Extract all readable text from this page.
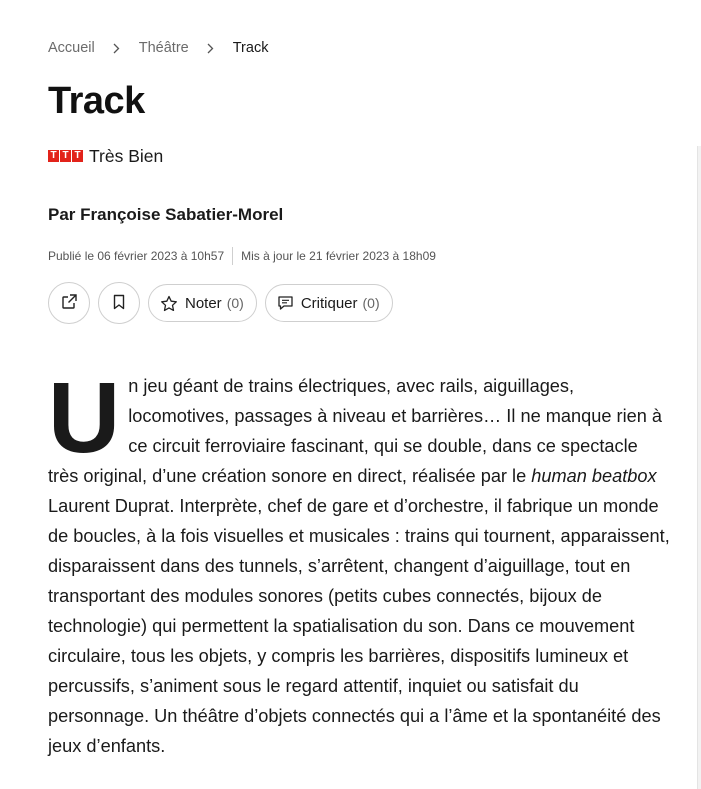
Accueil	Théâtre	Track
Track
T T T Très Bien
Par Françoise Sabatier-Morel
Publié le 06 février 2023 à 10h57 Mis à jour le 21 février 2023 à 18h09
Noter (0)	Critiquer (0)

Un jeu géant de trains électriques, avec rails, aiguillages, locomotives, passages à niveau et barrières… Il ne manque rien à ce circuit ferroviaire fascinant, qui se double, dans ce spectacle très original, d’une création sonore en direct, réalisée par le human beatbox Laurent Duprat. Interprète, chef de gare et d’orchestre, il fabrique un monde de boucles, à la fois visuelles et musicales : trains qui tournent, apparaissent, disparaissent dans des tunnels, s’arrêtent, changent d’aiguillage, tout en transportant des modules sonores (petits cubes connectés, bijoux de technologie) qui permettent la spatialisation du son. Dans ce mouvement circulaire, tous les objets, y compris les barrières, dispositifs lumineux et percussifs, s’animent sous le regard attentif, inquiet ou satisfait du personnage. Un théâtre d’objets connectés qui a l’âme et la spontanéité des jeux d’enfants.
